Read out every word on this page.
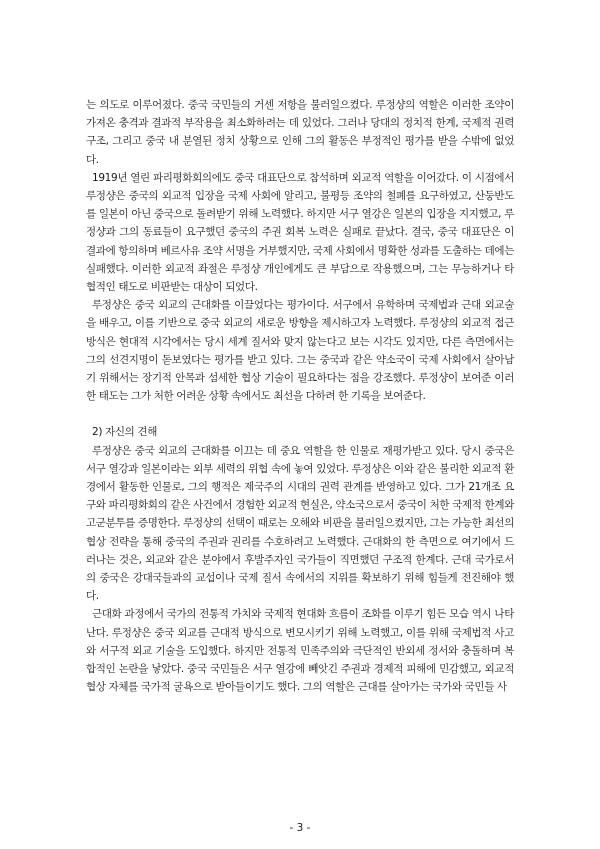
는 의도로 이루어졌다. 중국 국민들의 거센 저항을 불러일으켰다. 루정샹의 역할은 이러한 조약이 가져온 충격과 결과적 부작용을 최소화하려는 데 있었다. 그러나 당대의 정치적 한계, 국제적 권력 구조, 그리고 중국 내 분열된 정치 상황으로 인해 그의 활동은 부정적인 평가를 받을 수밖에 없었다.

1919년 열린 파리평화회의에도 중국 대표단으로 참석하며 외교적 역할을 이어갔다. 이 시점에서 루정샹은 중국의 외교적 입장을 국제 사회에 알리고, 불평등 조약의 철폐를 요구하였고, 산둥반도를 일본이 아닌 중국으로 돌려받기 위해 노력했다. 하지만 서구 열강은 일본의 입장을 지지했고, 루정샹과 그의 동료들이 요구했던 중국의 주권 회복 노력은 실패로 끝났다. 결국, 중국 대표단은 이 결과에 항의하며 베르사유 조약 서명을 거부했지만, 국제 사회에서 명확한 성과를 도출하는 데에는 실패했다. 이러한 외교적 좌절은 루정샹 개인에게도 큰 부담으로 작용했으며, 그는 무능하거나 타협적인 태도로 비판받는 대상이 되었다.

루정샹은 중국 외교의 근대화를 이끌었다는 평가이다. 서구에서 유학하며 국제법과 근대 외교술을 배우고, 이를 기반으로 중국 외교의 새로운 방향을 제시하고자 노력했다. 루정샹의 외교적 접근 방식은 현대적 시각에서는 당시 세계 질서와 맞지 않는다고 보는 시각도 있지만, 다른 측면에서는 그의 선견지명이 돋보였다는 평가를 받고 있다. 그는 중국과 같은 약소국이 국제 사회에서 살아남기 위해서는 장기적 안목과 섬세한 협상 기술이 필요하다는 점을 강조했다. 루정샹이 보여준 이러한 태도는 그가 처한 어려운 상황 속에서도 최선을 다하려 한 기록을 보여준다.

2) 자신의 견해

루정샹은 중국 외교의 근대화를 이끄는 데 중요 역할을 한 인물로 재평가받고 있다. 당시 중국은 서구 열강과 일본이라는 외부 세력의 위협 속에 놓여 있었다. 루정샹은 이와 같은 불리한 외교적 환경에서 활동한 인물로, 그의 행적은 제국주의 시대의 권력 관계를 반영하고 있다. 그가 21개조 요구와 파리평화회의 같은 사건에서 경험한 외교적 현실은, 약소국으로서 중국이 처한 국제적 한계와 고군분투를 증명한다. 루정샹의 선택이 때로는 오해와 비판을 불러일으켰지만, 그는 가능한 최선의 협상 전략을 통해 중국의 주권과 권리를 수호하려고 노력했다. 근대화의 한 측면으로 여기에서 드러나는 것은, 외교와 같은 분야에서 후발주자인 국가들이 직면했던 구조적 한계다. 근대 국가로서의 중국은 강대국들과의 교섭이나 국제 질서 속에서의 지위를 확보하기 위해 힘들게 전진해야 했다.

근대화 과정에서 국가의 전통적 가치와 국제적 현대화 흐름이 조화를 이루기 힘든 모습 역시 나타난다. 루정샹은 중국 외교를 근대적 방식으로 변모시키기 위해 노력했고, 이를 위해 국제법적 사고와 서구적 외교 기술을 도입했다. 하지만 전통적 민족주의와 극단적인 반외세 정서와 충돌하며 복합적인 논란을 낳았다. 중국 국민들은 서구 열강에 빼앗긴 주권과 경제적 피해에 민감했고, 외교적 협상 자체를 국가적 굴욕으로 받아들이기도 했다. 그의 역할은 근대를 살아가는 국가와 국민들 사

- 3 -
